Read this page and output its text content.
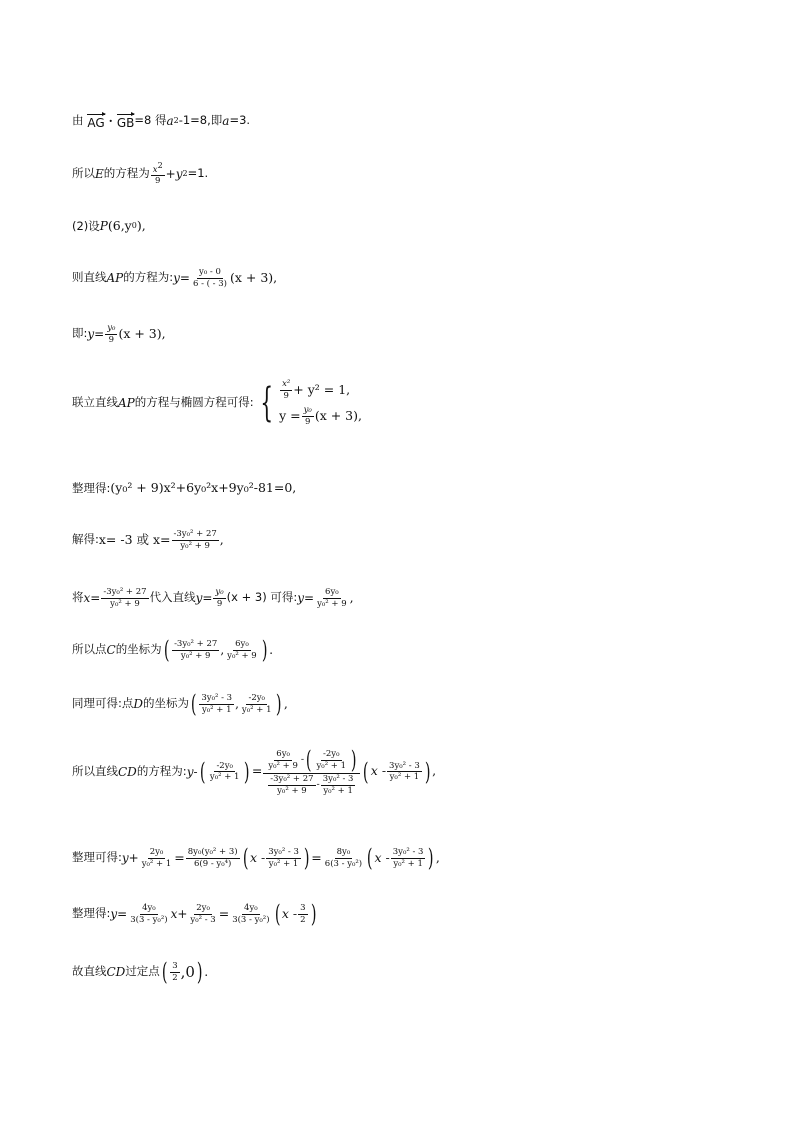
由
AG · GB =8 得 a 2 -1=8,即 a =3.
所以 E 的方程为 $\frac{x^2}{9} +y$ 2 =1.
(2)设 P (6,y 0 ),
则直线 AP 的方程为: $y= \frac{\text{y₀ - 0}}{6 - ( - 3)} (x + 3)$,
即: $y= \frac{\text{y₀}}{9} (x + 3)$,
联立直线 AP 的方程与椭圆方程可得: { $\frac{\text{x²}}{9} + y^2 = 1$,
$y = \frac{\text{y₀}}{9} (x + 3)$,
整理得: (y₀² + 9)x²+6y₀²x+9y₀²-81=0,
解得: x= -3 或 $x= \frac{\text{-3y₀² + 27}}{\text{y₀² + 9}}$ ,
将 $x= \frac{\text{-3y₀² + 27}}{\text{y₀² + 9}}$ 代入直线 $y= \frac{\text{y₀}}{9} (x + 3)$ 可得: $y= \frac{\text{6y₀}}{\text{y₀² + 9}}$ ,
所以点 C 的坐标为 ( $\frac{\text{-3y₀² + 27}}{\text{y₀² + 9}}$ , $\frac{\text{6y₀}}{\text{y₀² + 9}}$ ) .
同理可得:点 D 的坐标为 ( $\frac{\text{3y₀² - 3}}{\text{y₀² + 1}}$ , $\frac{\text{-2y₀}}{\text{y₀² + 1}}$ ) ,
所以直线 CD 的方程为: y- ( $\frac{\text{-2y₀}}{\text{y₀² + 1}}$ ) = $\frac{\frac{\text{6y₀}}{\text{y₀² + 9}} - ( \frac{\text{-2y₀}}{\text{y₀² + 1}} )}{\frac{\text{-3y₀² + 27}}{\text{y₀² + 9}} - \frac{\text{3y₀² - 3}}{\text{y₀² + 1}}}$ ( x - $\frac{\text{3y₀² - 3}}{\text{y₀² + 1}}$ ) ,
整理可得: $y+ \frac{\text{2y₀}}{\text{y₀² + 1}} = \frac{\text{8y₀(y₀² + 3)}}{\text{6(9 - y₀⁴)}}$ ( x - $\frac{\text{3y₀² - 3}}{\text{y₀² + 1}}$ ) = $\frac{\text{8y₀}}{\text{6(3 - y₀²)}}$ ( x - $\frac{\text{3y₀² - 3}}{\text{y₀² + 1}}$ ) ,
整理得: $y= \frac{\text{4y₀}}{\text{3(3 - y₀²)}} x+ \frac{\text{2y₀}}{\text{y₀² - 3}} = \frac{\text{4y₀}}{\text{3(3 - y₀²)}}$ ( x - $\frac{3}{2}$ )
故直线 CD 过定点 ( $\frac{3}{2} ,0$ ) .
